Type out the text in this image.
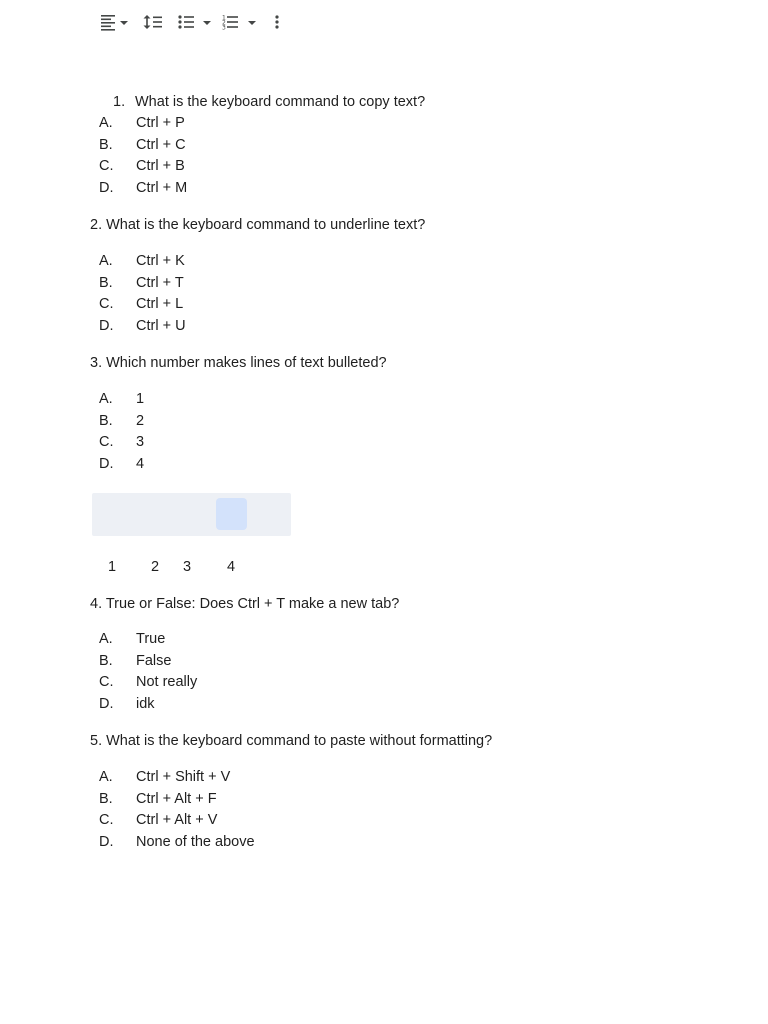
1. What is the keyboard command to copy text?
A. Ctrl + P
B. Ctrl + C
C. Ctrl + B
D. Ctrl + M
2. What is the keyboard command to underline text?
A. Ctrl + K
B. Ctrl + T
C. Ctrl + L
D. Ctrl + U
3. Which number makes lines of text bulleted?
A. 1
B. 2
C. 3
D. 4
1
2
3
1 2 3 4
4. True or False: Does Ctrl + T make a new tab?
A. True
B. False
C. Not really
D. idk
5. What is the keyboard command to paste without formatting?
A. Ctrl + Shift + V
B. Ctrl + Alt + F
C. Ctrl + Alt + V
D. None of the above
